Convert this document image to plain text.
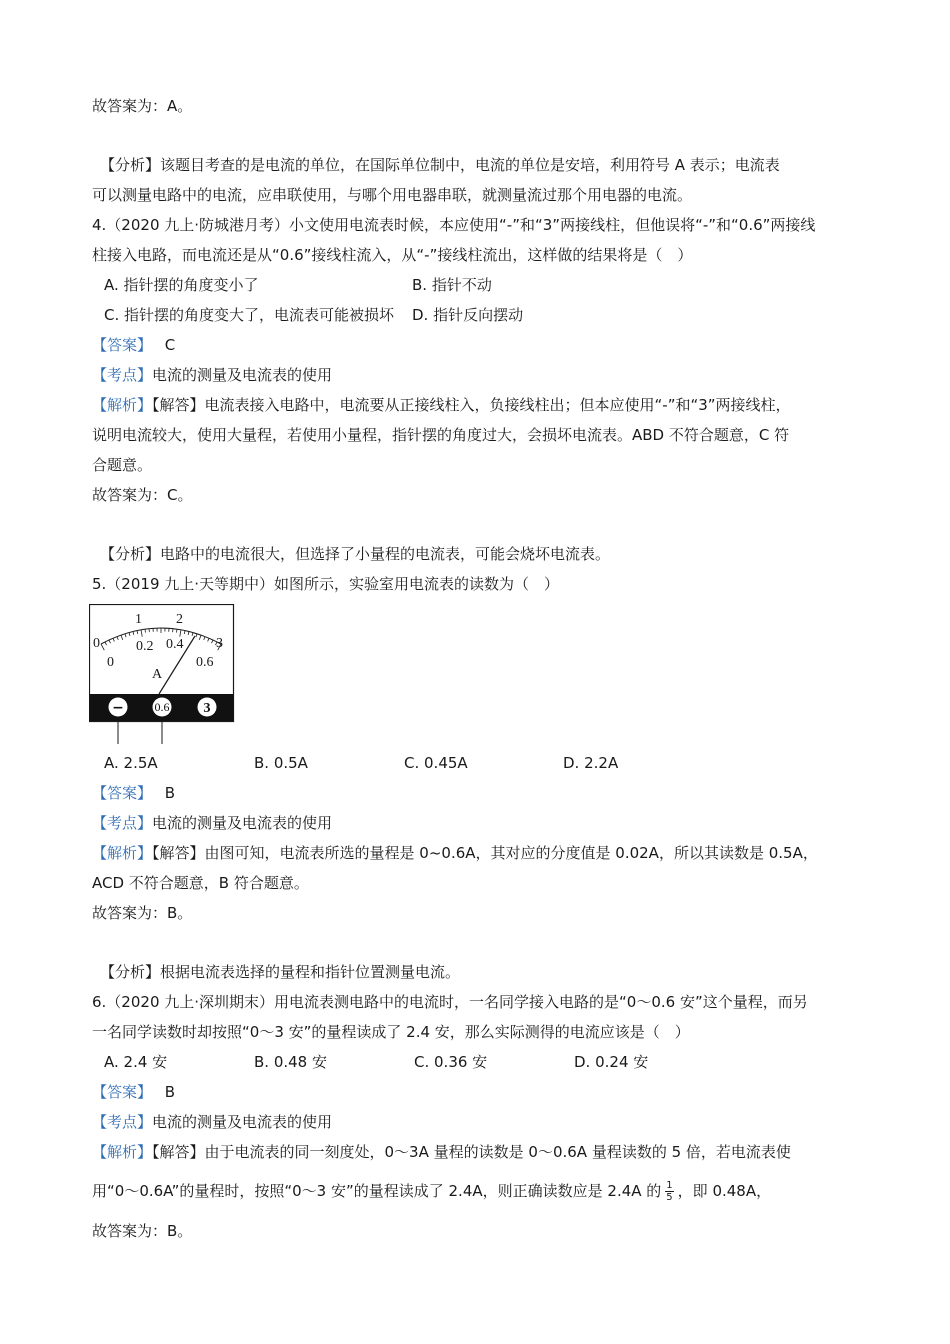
故答案为：A。
【分析】该题目考查的是电流的单位，在国际单位制中，电流的单位是安培，利用符号 A 表示；电流表
可以测量电路中的电流，应串联使用，与哪个用电器串联，就测量流过那个用电器的电流。
4.（2020 九上·防城港月考）小文使用电流表时候，本应使用“-”和“3”两接线柱，但他误将“-”和“0.6”两接线
柱接入电路，而电流还是从“0.6”接线柱流入，从“-”接线柱流出，这样做的结果将是（　）
A. 指针摆的角度变小了	B. 指针不动
C. 指针摆的角度变大了，电流表可能被损坏 D. 指针反向摆动
【答案】 C
【考点】电流的测量及电流表的使用
【解析】【解答】电流表接入电路中，电流要从正接线柱入，负接线柱出；但本应使用“-”和“3”两接线柱，
说明电流较大，使用大量程，若使用小量程，指针摆的角度过大，会损坏电流表。ABD 不符合题意，C 符
合题意。
故答案为：C。
【分析】电路中的电流很大，但选择了小量程的电流表，可能会烧坏电流表。
5.（2019 九上·天等期中）如图所示，实验室用电流表的读数为（　）
0
1 2
3
0
0.2 0.4
0.6
A
−	0.6 3
A. 2.5A	B. 0.5A	C. 0.45A	D. 2.2A
【答案】 B
【考点】电流的测量及电流表的使用
【解析】【解答】由图可知，电流表所选的量程是 0~0.6A，其对应的分度值是 0.02A，所以其读数是 0.5A，
ACD 不符合题意，B 符合题意。
故答案为：B。
【分析】根据电流表选择的量程和指针位置测量电流。
6.（2020 九上·深圳期末）用电流表测电路中的电流时，一名同学接入电路的是“0～0.6 安”这个量程，而另
一名同学读数时却按照“0～3 安”的量程读成了 2.4 安，那么实际测得的电流应该是（　）
A. 2.4 安	B. 0.48 安	C. 0.36 安	D. 0.24 安
【答案】 B
【考点】电流的测量及电流表的使用
【解析】【解答】由于电流表的同一刻度处，0～3A 量程的读数是 0～0.6A 量程读数的 5 倍，若电流表使
用“0～0.6A”的量程时，按照“0～3 安”的量程读成了 2.4A，则正确读数应是 2.4A 的 $\frac{1}{5}$ ，即 0.48A，
故答案为：B。
